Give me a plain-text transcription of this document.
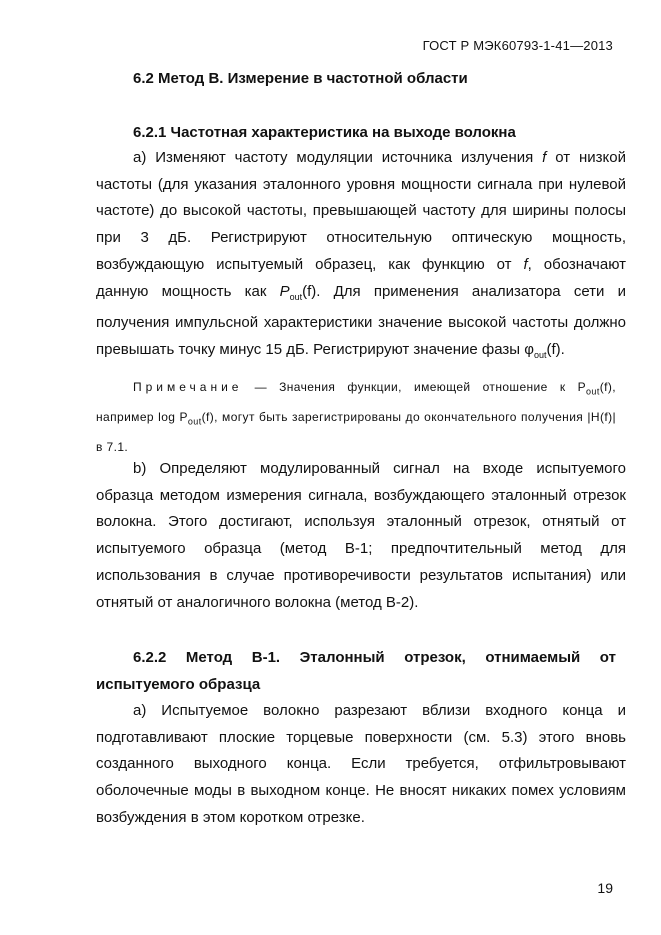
ГОСТ Р МЭК60793-1-41—2013
6.2 Метод В. Измерение в частотной области
6.2.1 Частотная характеристика на выходе волокна

а) Изменяют частоту модуляции источника излучения f от низкой частоты (для указания эталонного уровня мощности сигнала при нулевой частоте) до высокой частоты, превышающей частоту для ширины полосы при 3 дБ. Регистрируют относительную оптическую мощность, возбуждающую испытуемый образец, как функцию от f, обозначают данную мощность как $P_{out}(f)$. Для применения анализатора сети и получения импульсной характеристики значение высокой частоты должно превышать точку минус 15 дБ. Регистрируют значение фазы $\varphi_{out}(f)$.

Примечание — Значения функции, имеющей отношение к $P_{out}(f)$, например $\log P_{out}(f)$, могут быть зарегистрированы до окончательного получения |H(f)| в 7.1.

b) Определяют модулированный сигнал на входе испытуемого образца методом измерения сигнала, возбуждающего эталонный отрезок волокна. Этого достигают, используя эталонный отрезок, отнятый от испытуемого образца (метод В-1; предпочтительный метод для использования в случае противоречивости результатов испытания) или отнятый от аналогичного волокна (метод В-2).

6.2.2 Метод В-1. Эталонный отрезок, отнимаемый от
испытуемого образца

а) Испытуемое волокно разрезают вблизи входного конца и подготавливают плоские торцевые поверхности (см. 5.3) этого вновь созданного выходного конца. Если требуется, отфильтровывают оболочечные моды в выходном конце. Не вносят никаких помех условиям возбуждения в этом коротком отрезке.

19
